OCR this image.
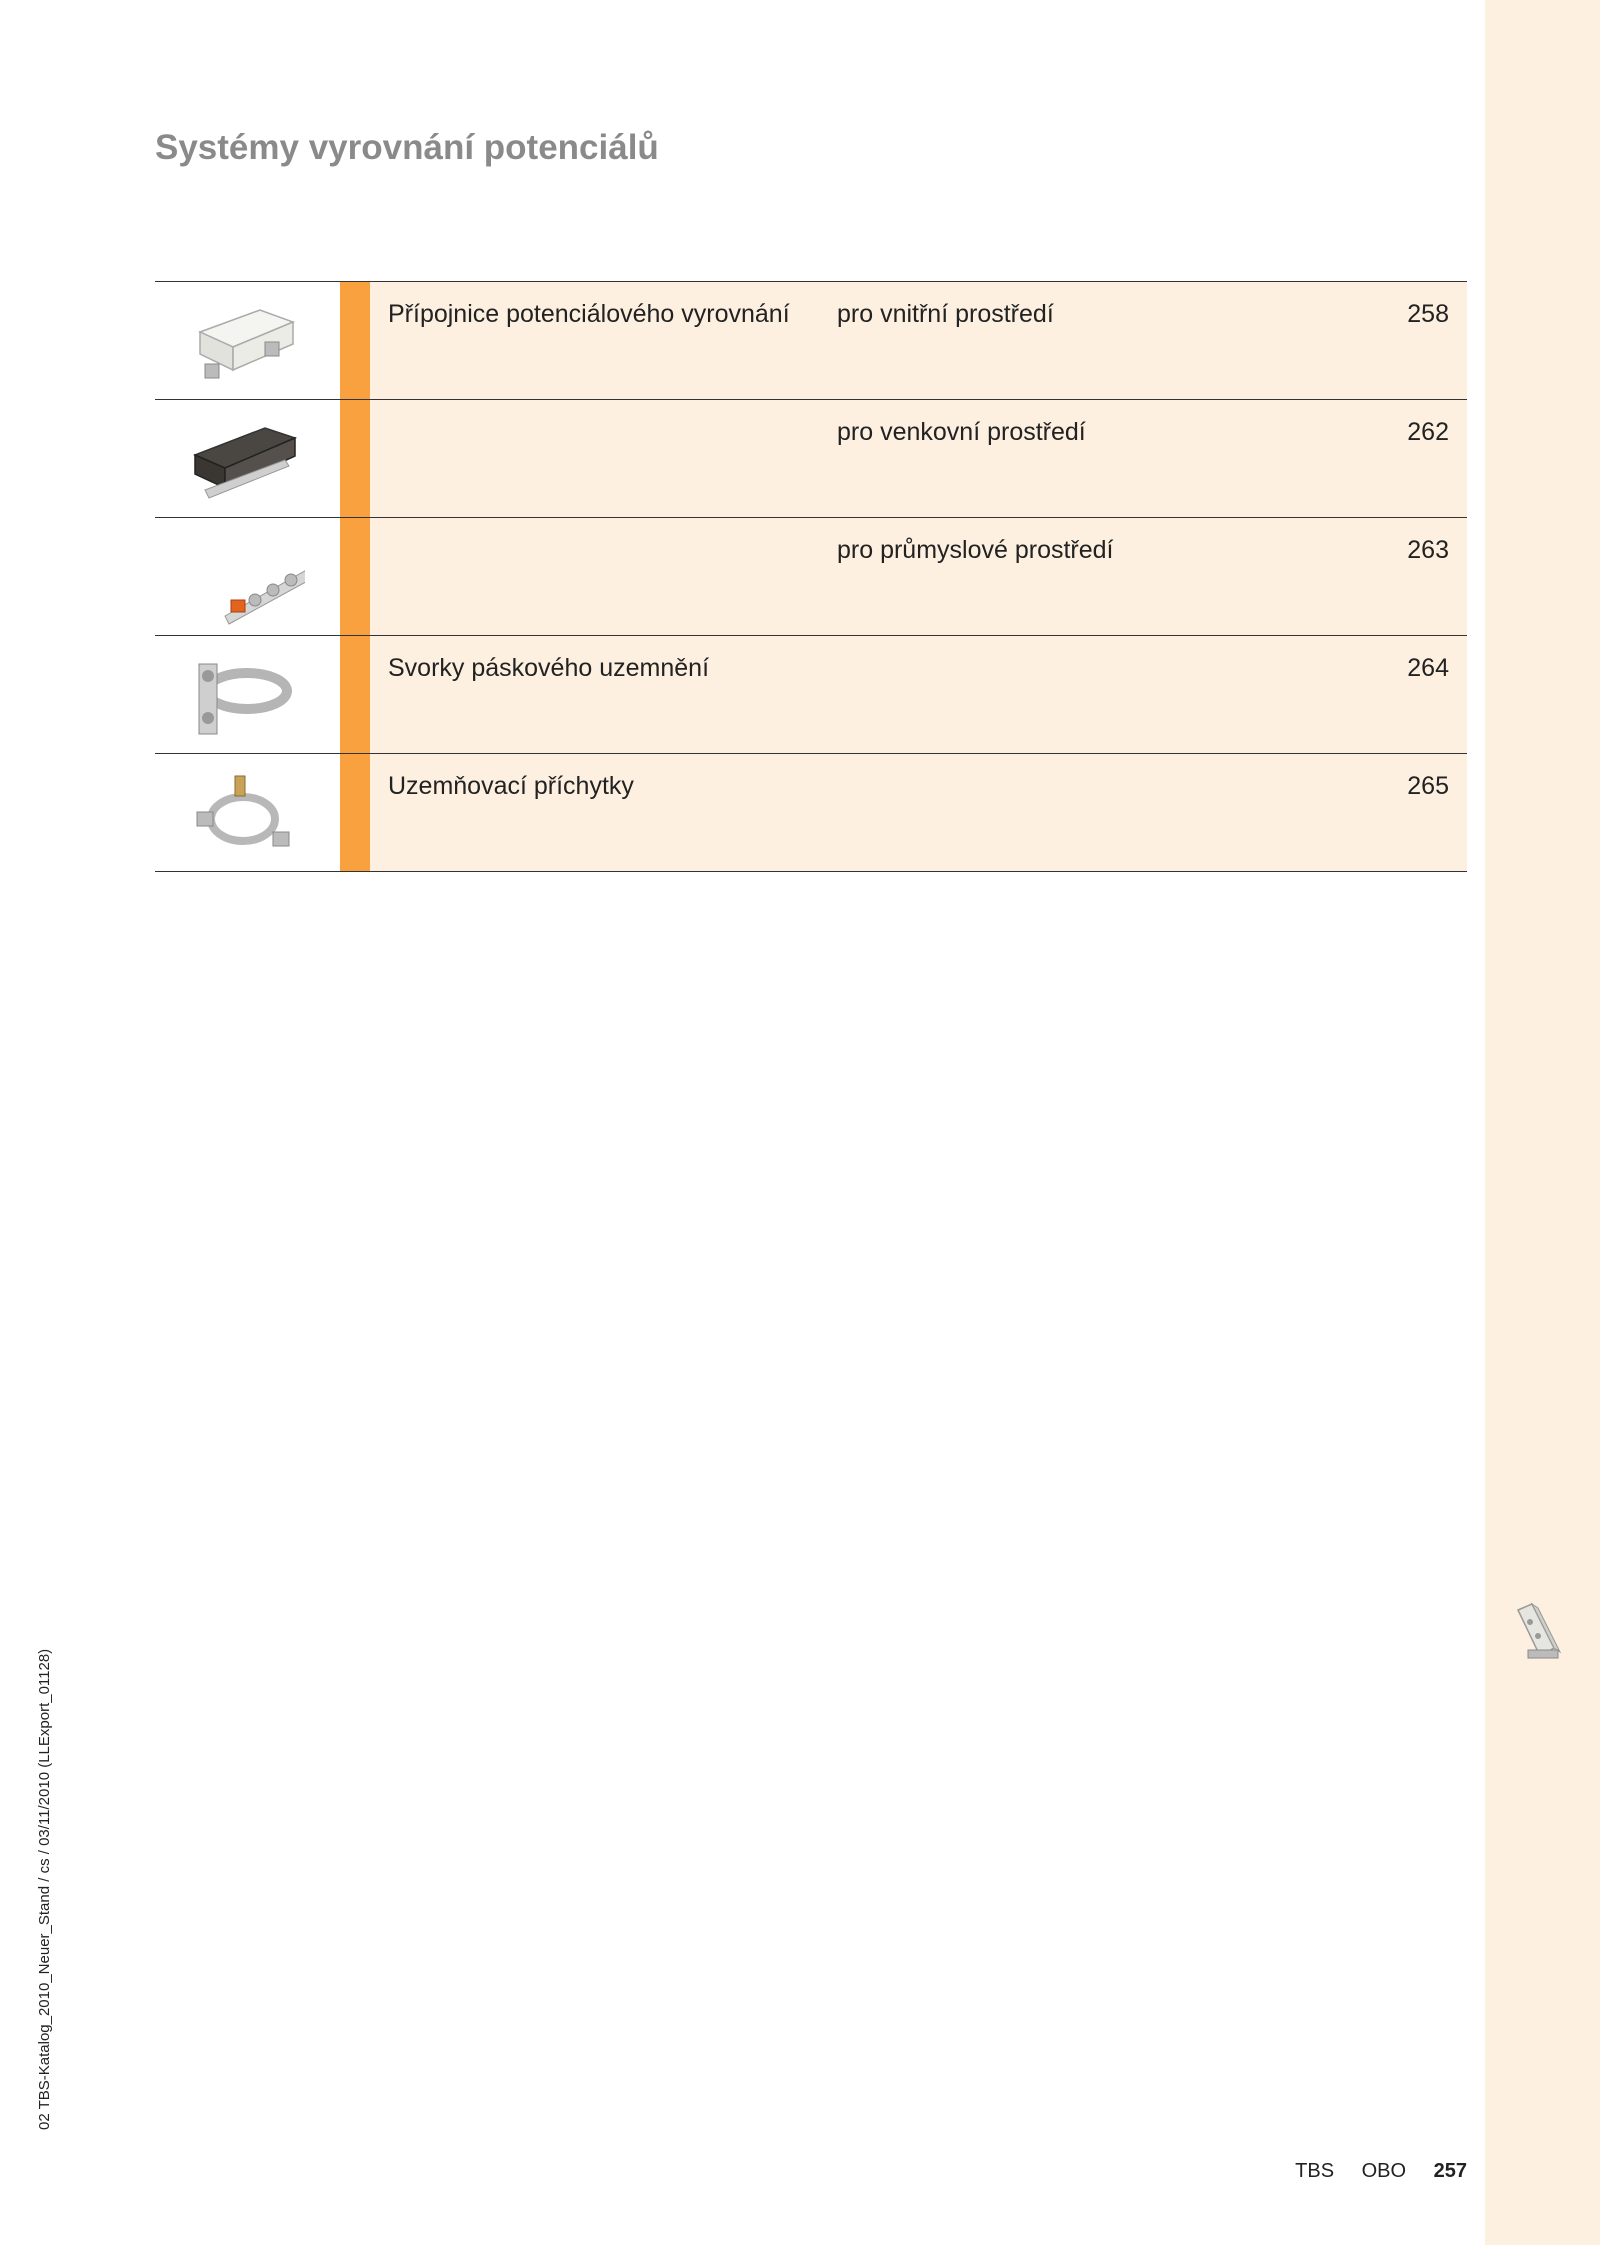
Systémy vyrovnání potenciálů
Přípojnice potenciálového vyrovnání pro vnitřní prostředí	258
pro venkovní prostředí	262
pro průmyslové prostředí	263
Svorky páskového uzemnění	264
Uzemňovací příchytky	265
02 TBS-Katalog_2010_Neuer_Stand / cs / 03/11/2010 (LLExport_01128)
TBS OBO 257
